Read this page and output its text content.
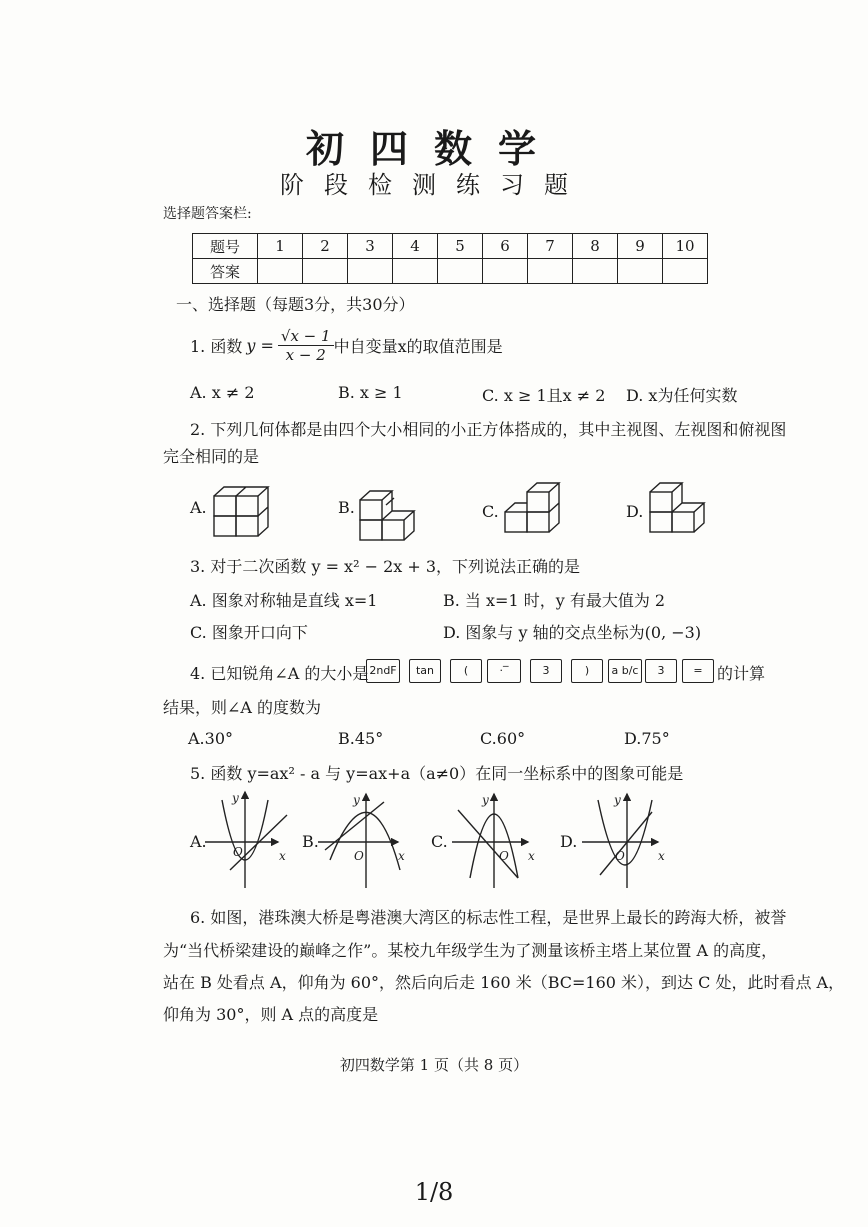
初四数学
阶段检测练习题
选择题答案栏:
题号	1	2	3	4	5	6	7	8	9	10
答案										
一、选择题（每题3分，共30分）
1. 函数 $y = \frac{√x - 1}{x - 2}$ 中自变量x的取值范围是
A. x ≠ 2	B. x ≥ 1	C. x ≥ 1且x ≠ 2 D. x为任何实数
2. 下列几何体都是由四个大小相同的小正方体搭成的，其中主视图、左视图和俯视图
完全相同的是
A.	B.	C.	D.
3. 对于二次函数 y = x² − 2x + 3，下列说法正确的是
A. 图象对称轴是直线 x=1	B. 当 x=1 时，y 有最大值为 2
C. 图象开口向下	D. 图象与 y 轴的交点坐标为(0, −3)
4. 已知锐角∠A 的大小是 2ndF	tan	(	·‾	3	)	a b/c	3	= 的计算
结果，则∠A 的度数为
A.30°	B.45°	C.60°	D.75°
5. 函数 y=ax² - a 与 y=ax+a（a≠0）在同一坐标系中的图象可能是
A.	B.	C.	D.
y
x
O
y
x
O
y
x
O
y
x
O
6. 如图，港珠澳大桥是粤港澳大湾区的标志性工程，是世界上最长的跨海大桥，被誉
为“当代桥梁建设的巅峰之作”。某校九年级学生为了测量该桥主塔上某位置 A 的高度，
站在 B 处看点 A，仰角为 60°，然后向后走 160 米（BC=160 米），到达 C 处，此时看点 A，
仰角为 30°，则 A 点的高度是
初四数学第 1 页（共 8 页）
1/8
